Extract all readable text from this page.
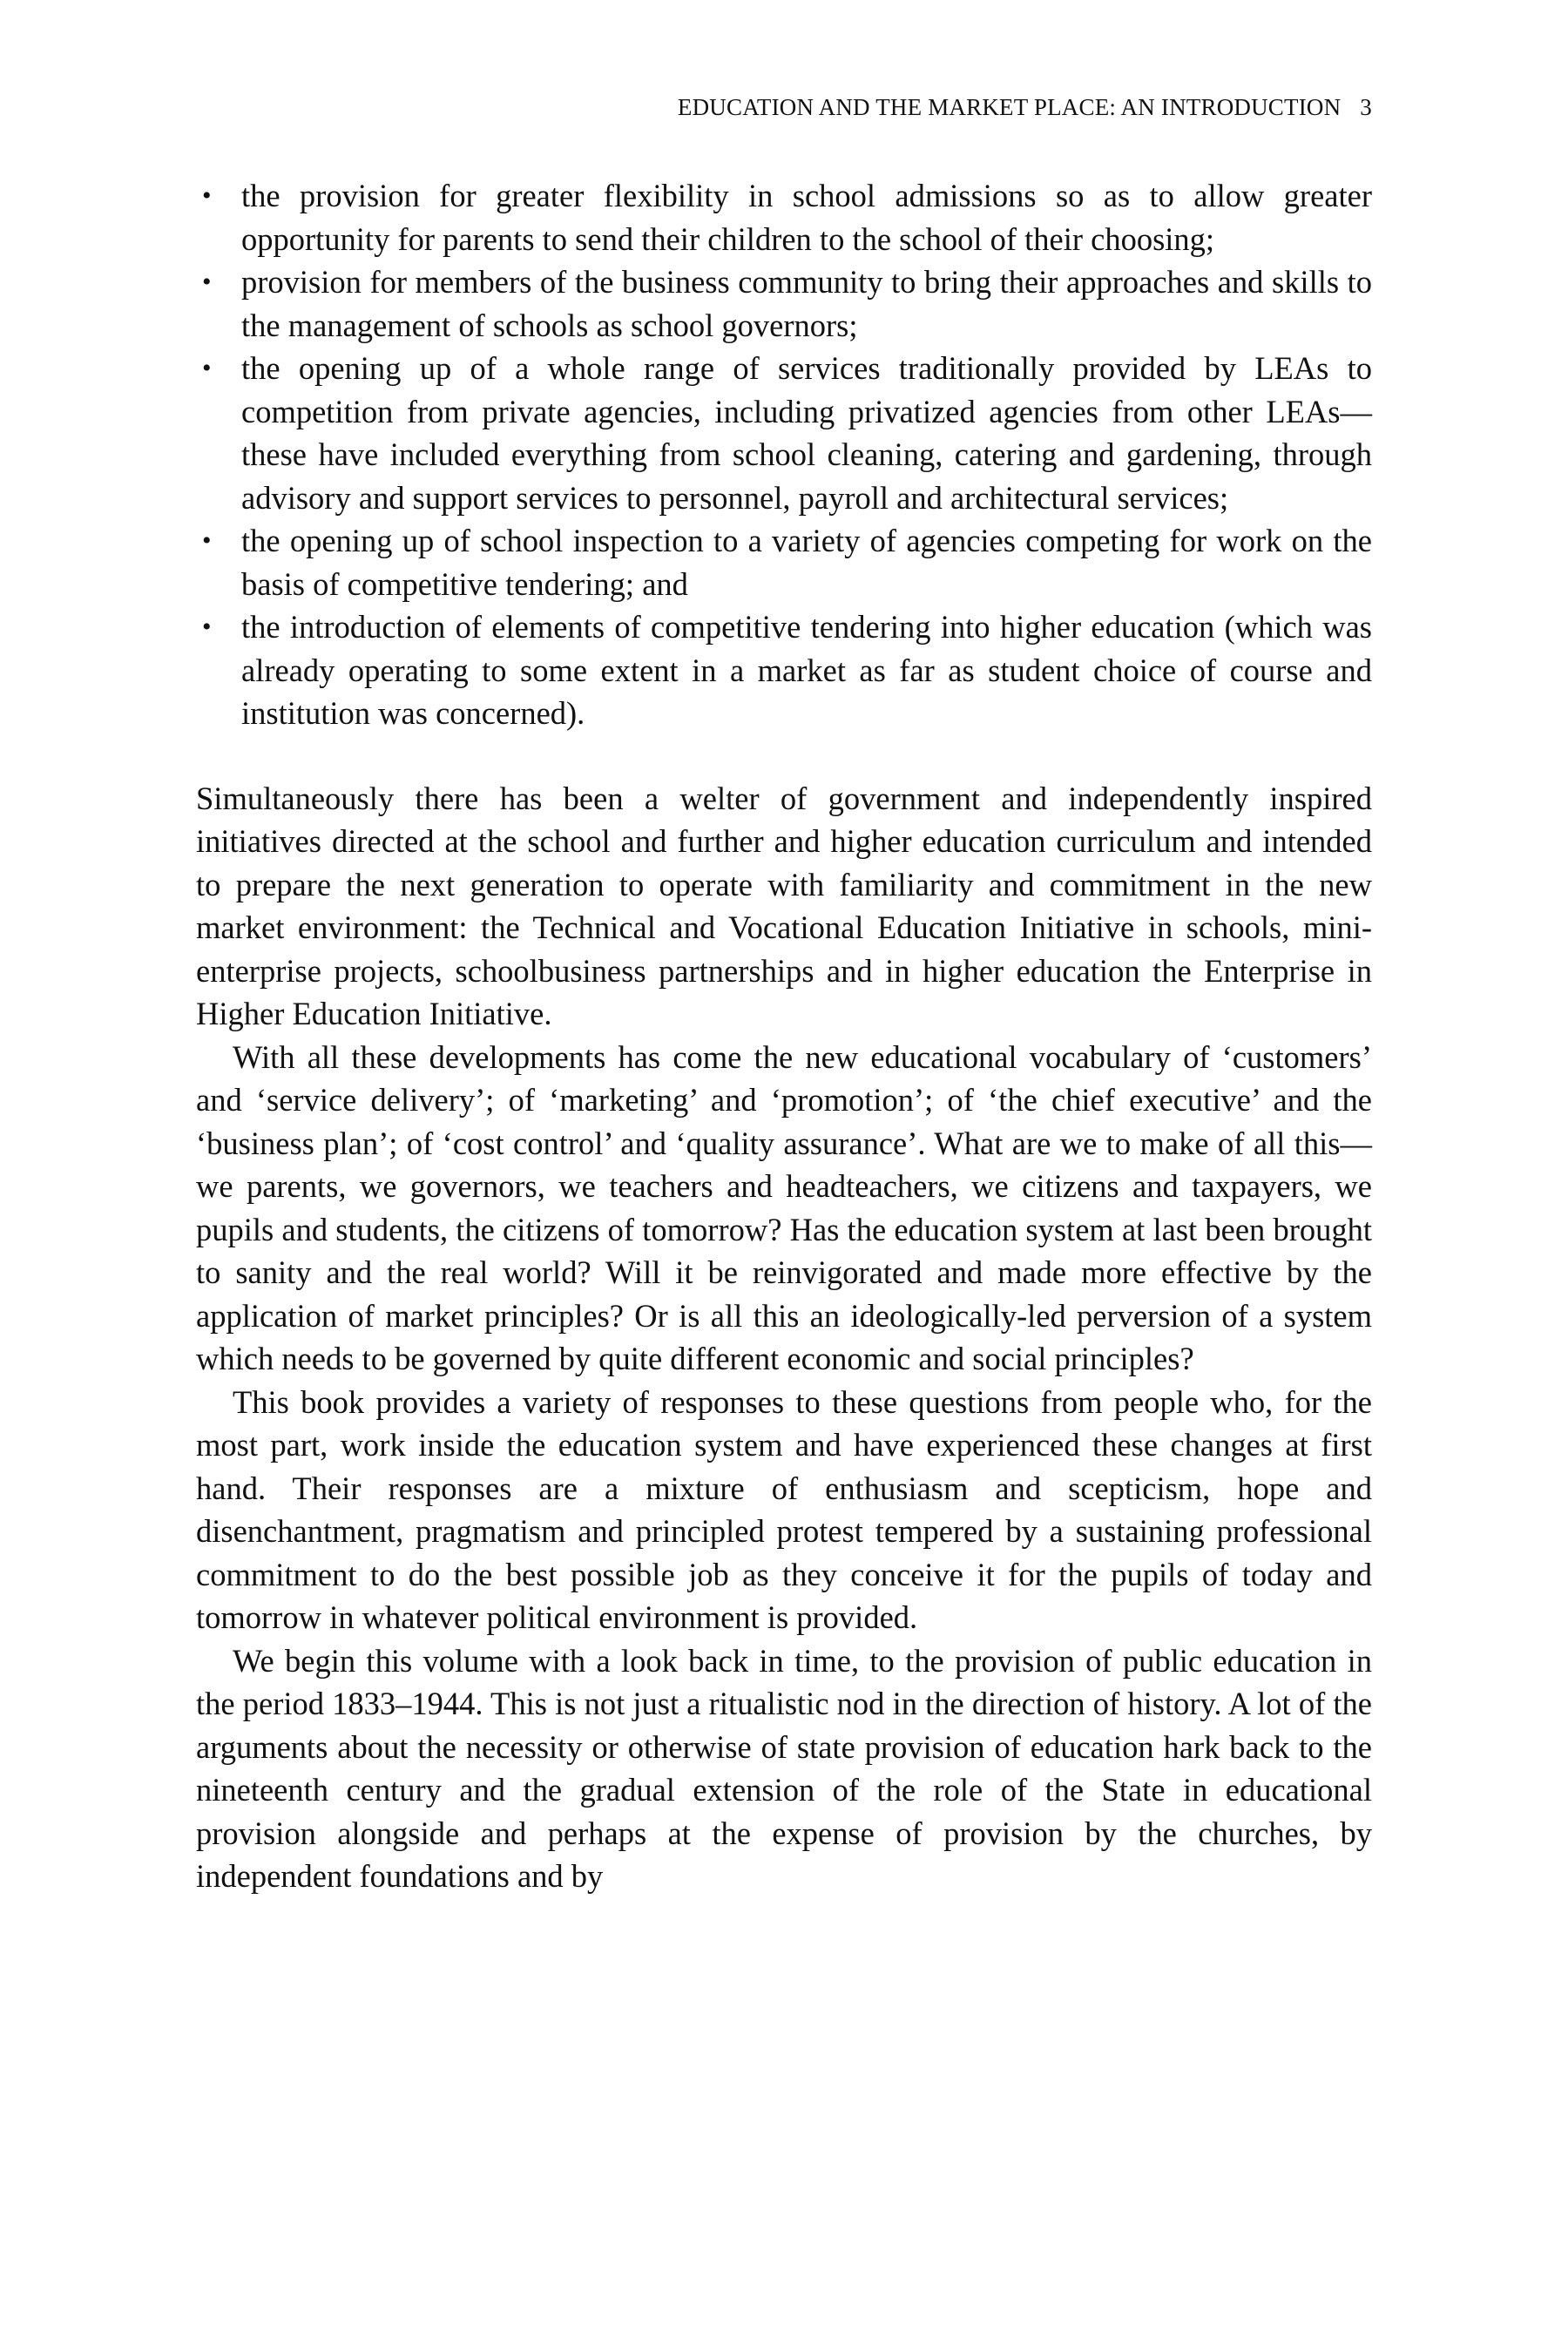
EDUCATION AND THE MARKET PLACE: AN INTRODUCTION 3
• the provision for greater flexibility in school admissions so as to allow greater opportunity for parents to send their children to the school of their choosing;
• provision for members of the business community to bring their approaches and skills to the management of schools as school governors;
• the opening up of a whole range of services traditionally provided by LEAs to competition from private agencies, including privatized agencies from other LEAs—these have included everything from school cleaning, catering and gardening, through advisory and support services to personnel, payroll and architectural services;
• the opening up of school inspection to a variety of agencies competing for work on the basis of competitive tendering; and
• the introduction of elements of competitive tendering into higher education (which was already operating to some extent in a market as far as student choice of course and institution was concerned).

Simultaneously there has been a welter of government and independently inspired initiatives directed at the school and further and higher education curriculum and intended to prepare the next generation to operate with familiarity and commitment in the new market environment: the Technical and Vocational Education Initiative in schools, mini-enterprise projects, schoolbusiness partnerships and in higher education the Enterprise in Higher Education Initiative.

With all these developments has come the new educational vocabulary of ‘customers’ and ‘service delivery’; of ‘marketing’ and ‘promotion’; of ‘the chief executive’ and the ‘business plan’; of ‘cost control’ and ‘quality assurance’. What are we to make of all this—we parents, we governors, we teachers and headteachers, we citizens and taxpayers, we pupils and students, the citizens of tomorrow? Has the education system at last been brought to sanity and the real world? Will it be reinvigorated and made more effective by the application of market principles? Or is all this an ideologically-led perversion of a system which needs to be governed by quite different economic and social principles?

This book provides a variety of responses to these questions from people who, for the most part, work inside the education system and have experienced these changes at first hand. Their responses are a mixture of enthusiasm and scepticism, hope and disenchantment, pragmatism and principled protest tempered by a sustaining professional commitment to do the best possible job as they conceive it for the pupils of today and tomorrow in whatever political environment is provided.

We begin this volume with a look back in time, to the provision of public education in the period 1833–1944. This is not just a ritualistic nod in the direction of history. A lot of the arguments about the necessity or otherwise of state provision of education hark back to the nineteenth century and the gradual extension of the role of the State in educational provision alongside and perhaps at the expense of provision by the churches, by independent foundations and by
